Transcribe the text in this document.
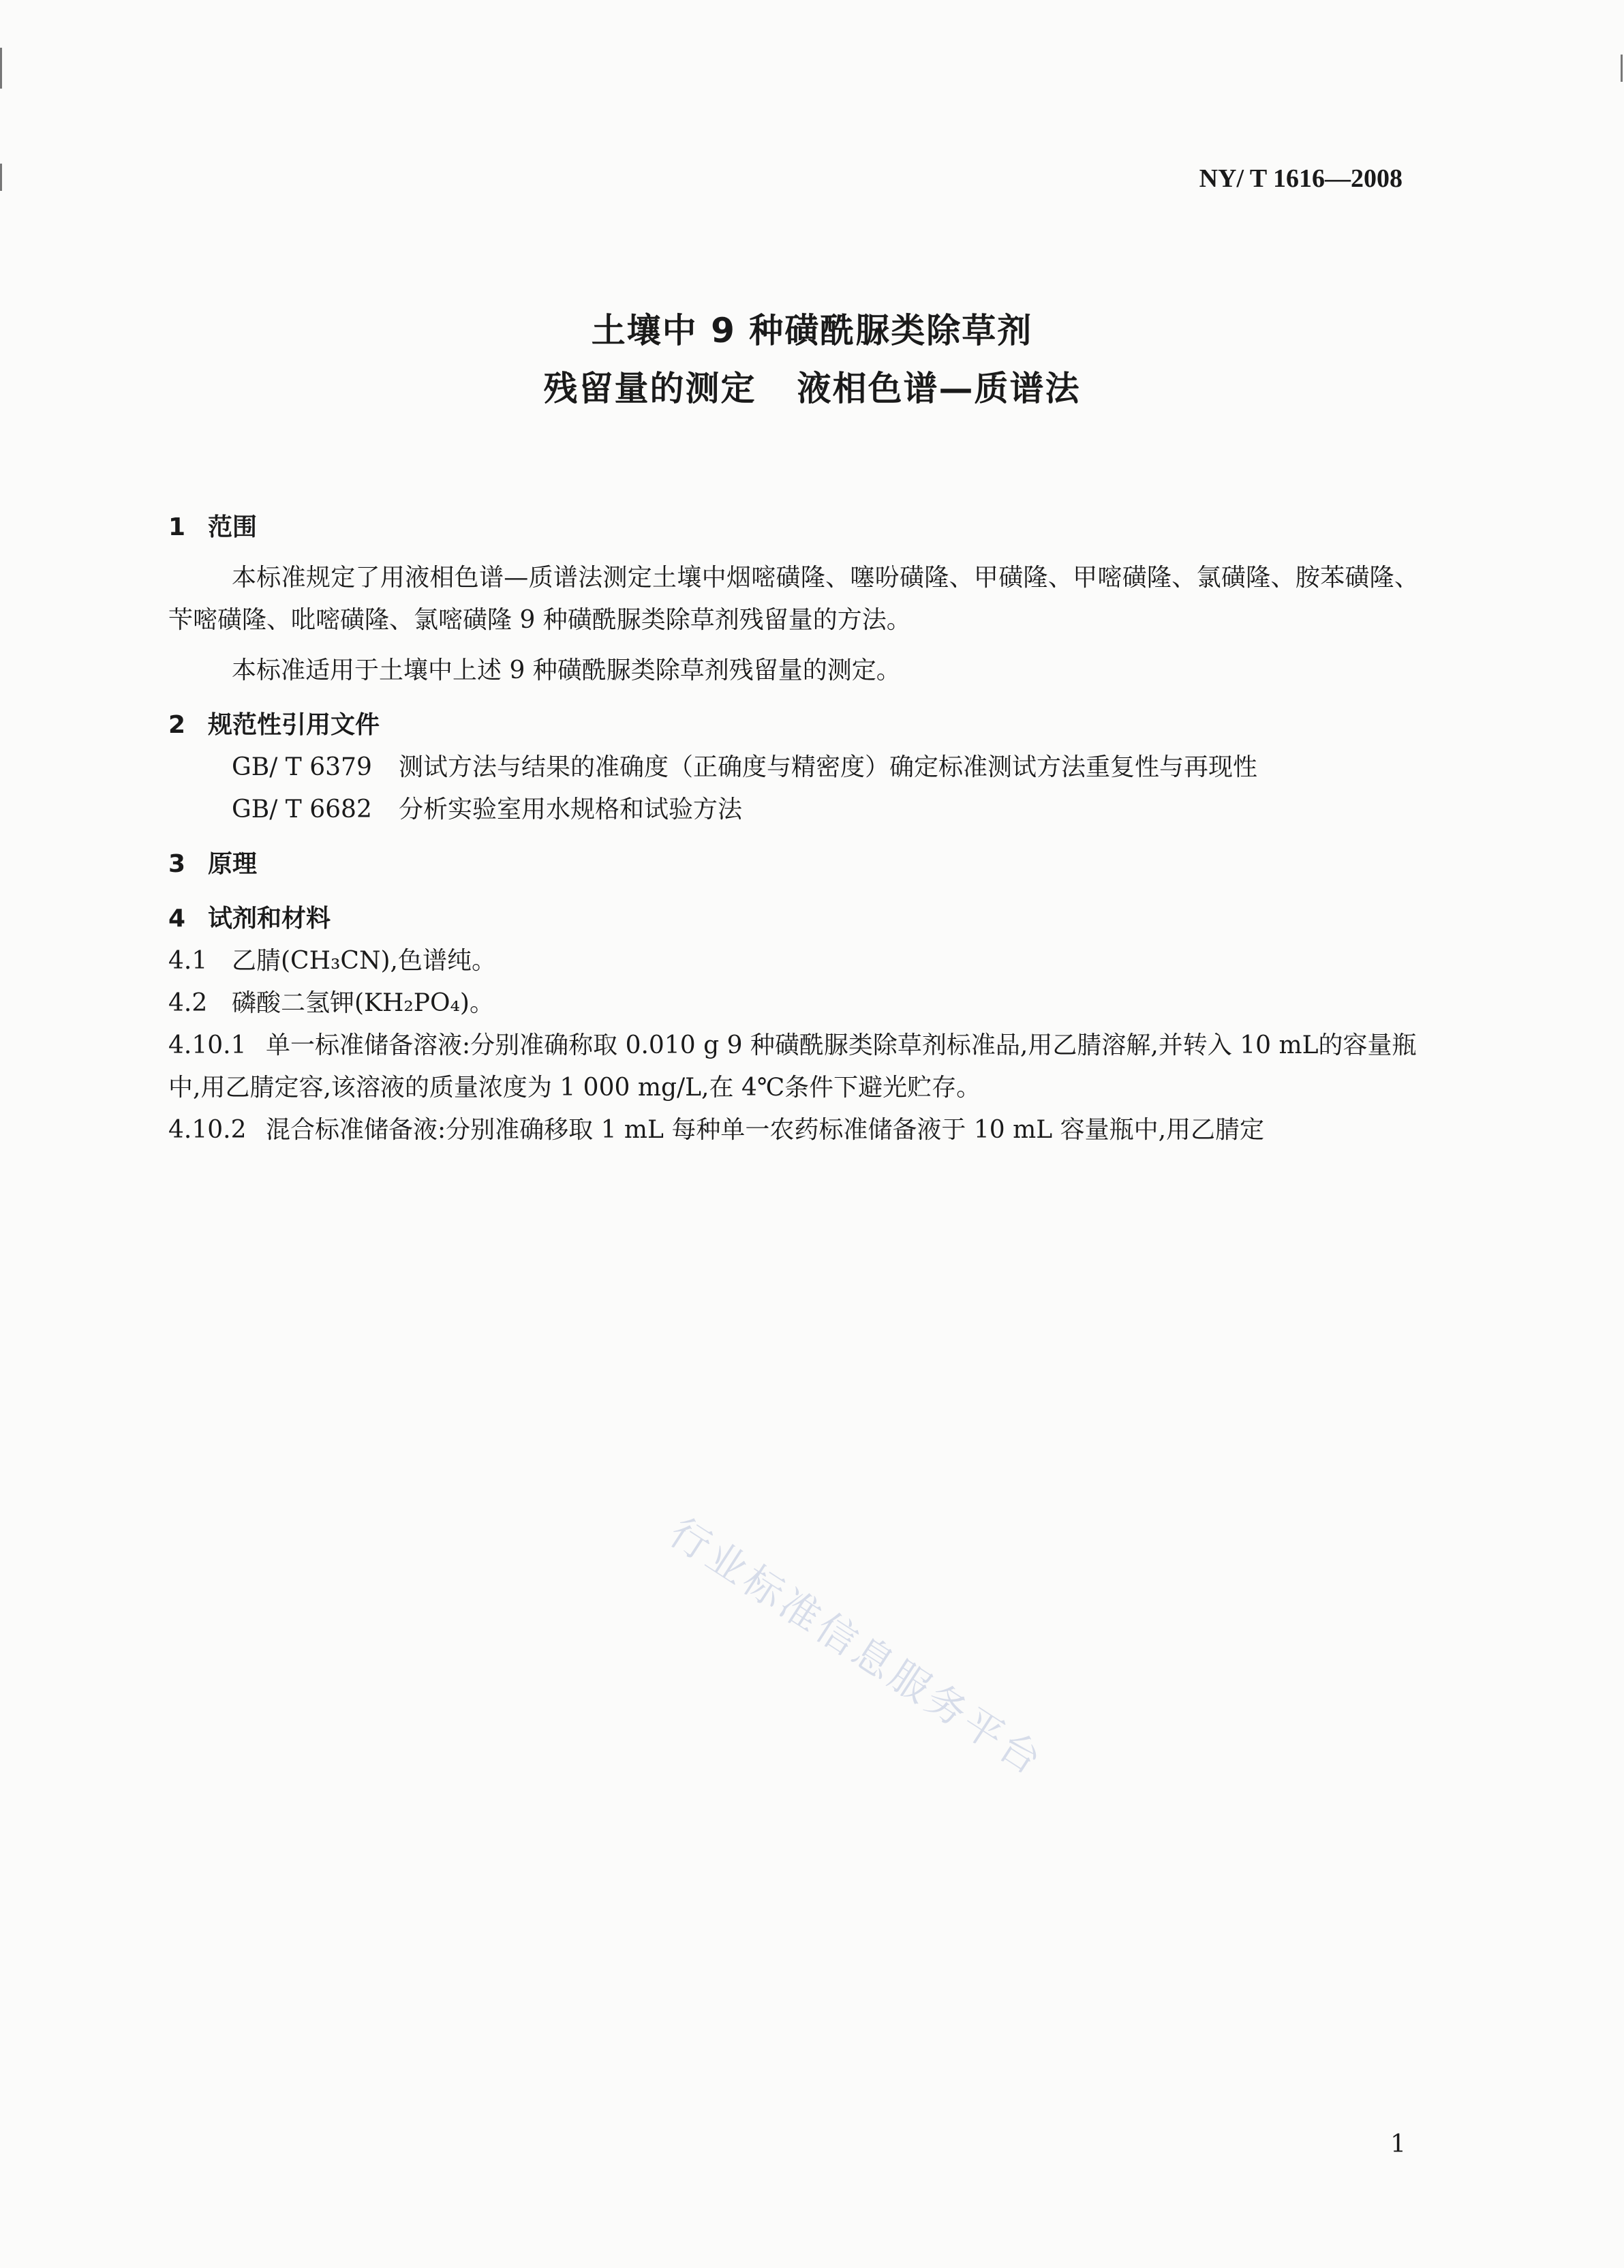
NY/ T 1616—2008
土壤中 9 种磺酰脲类除草剂
残留量的测定 液相色谱—质谱法
1 范围

本标准规定了用液相色谱—质谱法测定土壤中烟嘧磺隆、噻吩磺隆、甲磺隆、甲嘧磺隆、氯磺隆、胺苯磺隆、苄嘧磺隆、吡嘧磺隆、氯嘧磺隆 9 种磺酰脲类除草剂残留量的方法。

本标准适用于土壤中上述 9 种磺酰脲类除草剂残留量的测定。

2 规范性引用文件
GB/ T 6379 测试方法与结果的准确度（正确度与精密度）确定标准测试方法重复性与再现性
GB/ T 6682 分析实验室用水规格和试验方法
3 原理
4 试剂和材料

4.1 乙腈(CH₃CN),色谱纯。

4.2 磷酸二氢钾(KH₂PO₄)。

4.10.1 单一标准储备溶液:分别准确称取 0.010 g 9 种磺酰脲类除草剂标准品,用乙腈溶解,并转入 10 mL的容量瓶中,用乙腈定容,该溶液的质量浓度为 1 000 mg/L,在 4℃条件下避光贮存。

4.10.2 混合标准储备液:分别准确移取 1 mL 每种单一农药标准储备液于 10 mL 容量瓶中,用乙腈定

行业标准信息服务平台
1
